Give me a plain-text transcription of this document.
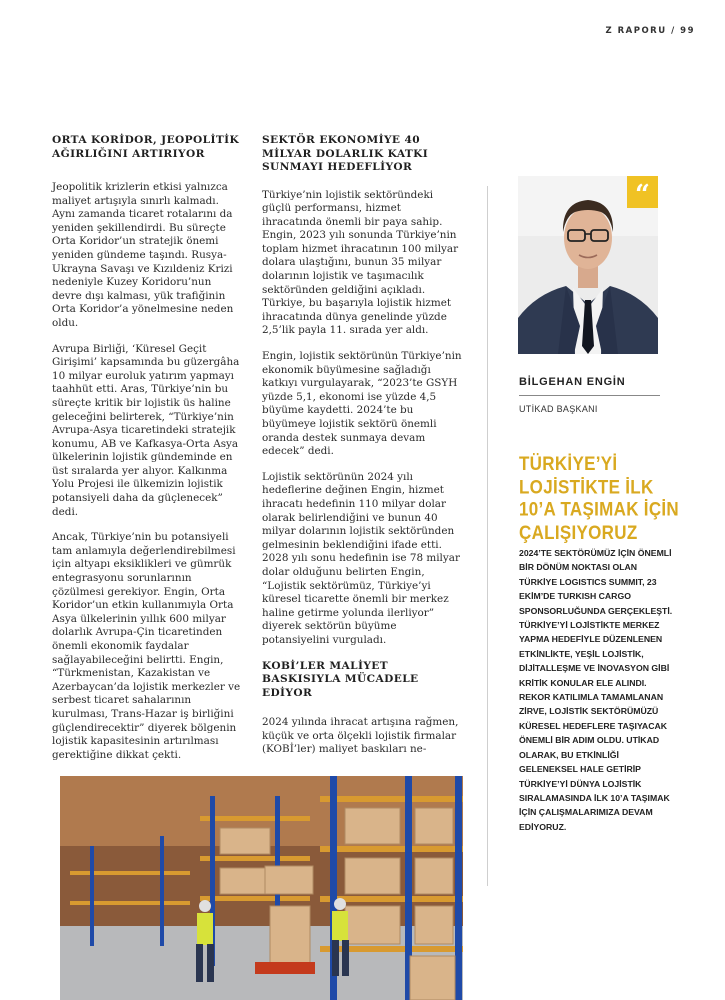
Z RAPORU / 99
ORTA KORİDOR, JEOPOLİTİK AĞIRLIĞINI ARTIRIYOR

Jeopolitik krizlerin etkisi yalnızca maliyet artışıyla sınırlı kalmadı. Aynı zamanda ticaret rotalarını da yeniden şekillendirdi. Bu süreçte Orta Koridor’un stratejik önemi yeniden gündeme taşındı. Rusya-Ukrayna Savaşı ve Kızıldeniz Krizi nedeniyle Kuzey Koridoru’nun devre dışı kalması, yük trafiğinin Orta Koridor’a yönelmesine neden oldu.

Avrupa Birliği, ‘Küresel Geçit Girişimi’ kapsamında bu güzergâha 10 milyar euroluk yatırım yapmayı taahhüt etti. Aras, Türkiye’nin bu süreçte kritik bir lojistik üs haline geleceğini belirterek, “Türkiye’nin Avrupa-Asya ticaretindeki stratejik konumu, AB ve Kafkasya-Orta Asya ülkelerinin lojistik gündeminde en üst sıralarda yer alıyor. Kalkınma Yolu Projesi ile ülkemizin lojistik potansiyeli daha da güçlenecek” dedi.

Ancak, Türkiye’nin bu potansiyeli tam anlamıyla değerlendirebilmesi için altyapı eksiklikleri ve gümrük entegrasyonu sorunlarının çözülmesi gerekiyor. Engin, Orta Koridor’un etkin kullanımıyla Orta Asya ülkelerinin yıllık 600 milyar dolarlık Avrupa-Çin ticaretinden önemli ekonomik faydalar sağlayabileceğini belirtti. Engin, “Türkmenistan, Kazakistan ve Azerbaycan’da lojistik merkezler ve serbest ticaret sahalarının kurulması, Trans-Hazar iş birliğini güçlendirecektir” diyerek bölgenin lojistik kapasitesinin artırılması gerektiğine dikkat çekti.

SEKTÖR EKONOMİYE 40 MİLYAR DOLARLIK KATKI SUNMAYI HEDEFLİYOR

Türkiye’nin lojistik sektöründeki güçlü performansı, hizmet ihracatında önemli bir paya sahip. Engin, 2023 yılı sonunda Türkiye’nin toplam hizmet ihracatının 100 milyar dolara ulaştığını, bunun 35 milyar dolarının lojistik ve taşımacılık sektöründen geldiğini açıkladı. Türkiye, bu başarıyla lojistik hizmet ihracatında dünya genelinde yüzde 2,5’lik payla 11. sırada yer aldı.

Engin, lojistik sektörünün Türkiye’nin ekonomik büyümesine sağladığı katkıyı vurgulayarak, “2023’te GSYH yüzde 5,1, ekonomi ise yüzde 4,5 büyüme kaydetti. 2024’te bu büyümeye lojistik sektörü önemli oranda destek sunmaya devam edecek” dedi.

Lojistik sektörünün 2024 yılı hedeflerine değinen Engin, hizmet ihracatı hedefinin 110 milyar dolar olarak belirlendiğini ve bunun 40 milyar dolarının lojistik sektöründen gelmesinin beklendiğini ifade etti. 2028 yılı sonu hedefinin ise 78 milyar dolar olduğunu belirten Engin, “Lojistik sektörümüz, Türkiye’yi küresel ticarette önemli bir merkez haline getirme yolunda ilerliyor” diyerek sektörün büyüme potansiyelini vurguladı.

KOBİ’LER MALİYET BASKISIYLA MÜCADELE EDİYOR

2024 yılında ihracat artışına rağmen, küçük ve orta ölçekli lojistik firmalar (KOBİ’ler) maliyet baskıları ne-

“
BİLGEHAN ENGİN
UTİKAD BAŞKANI
TÜRKİYE’Yİ LOJİSTİKTE İLK 10’A TAŞIMAK İÇİN ÇALIŞIYORUZ
2024’TE SEKTÖRÜMÜZ İÇİN ÖNEMLİ BİR DÖNÜM NOKTASI OLAN TÜRKİYE LOGISTICS SUMMIT, 23 EKİM’DE TURKISH CARGO SPONSORLUĞUNDA GERÇEKLEŞTİ. TÜRKİYE’Yİ LOJİSTİKTE MERKEZ YAPMA HEDEFİYLE DÜZENLENEN ETKİNLİKTE, YEŞİL LOJİSTİK, DİJİTALLEŞME VE İNOVASYON GİBİ KRİTİK KONULAR ELE ALINDI. REKOR KATILIMLA TAMAMLANAN ZİRVE, LOJİSTİK SEKTÖRÜMÜZÜ KÜRESEL HEDEFLERE TAŞIYACAK ÖNEMLİ BİR ADIM OLDU. UTİKAD OLARAK, BU ETKİNLİĞİ GELENEKSEL HALE GETİRİP TÜRKİYE’Yİ DÜNYA LOJİSTİK SIRALAMASINDA İLK 10’A TAŞIMAK İÇİN ÇALIŞMALARIMIZA DEVAM EDİYORUZ.
